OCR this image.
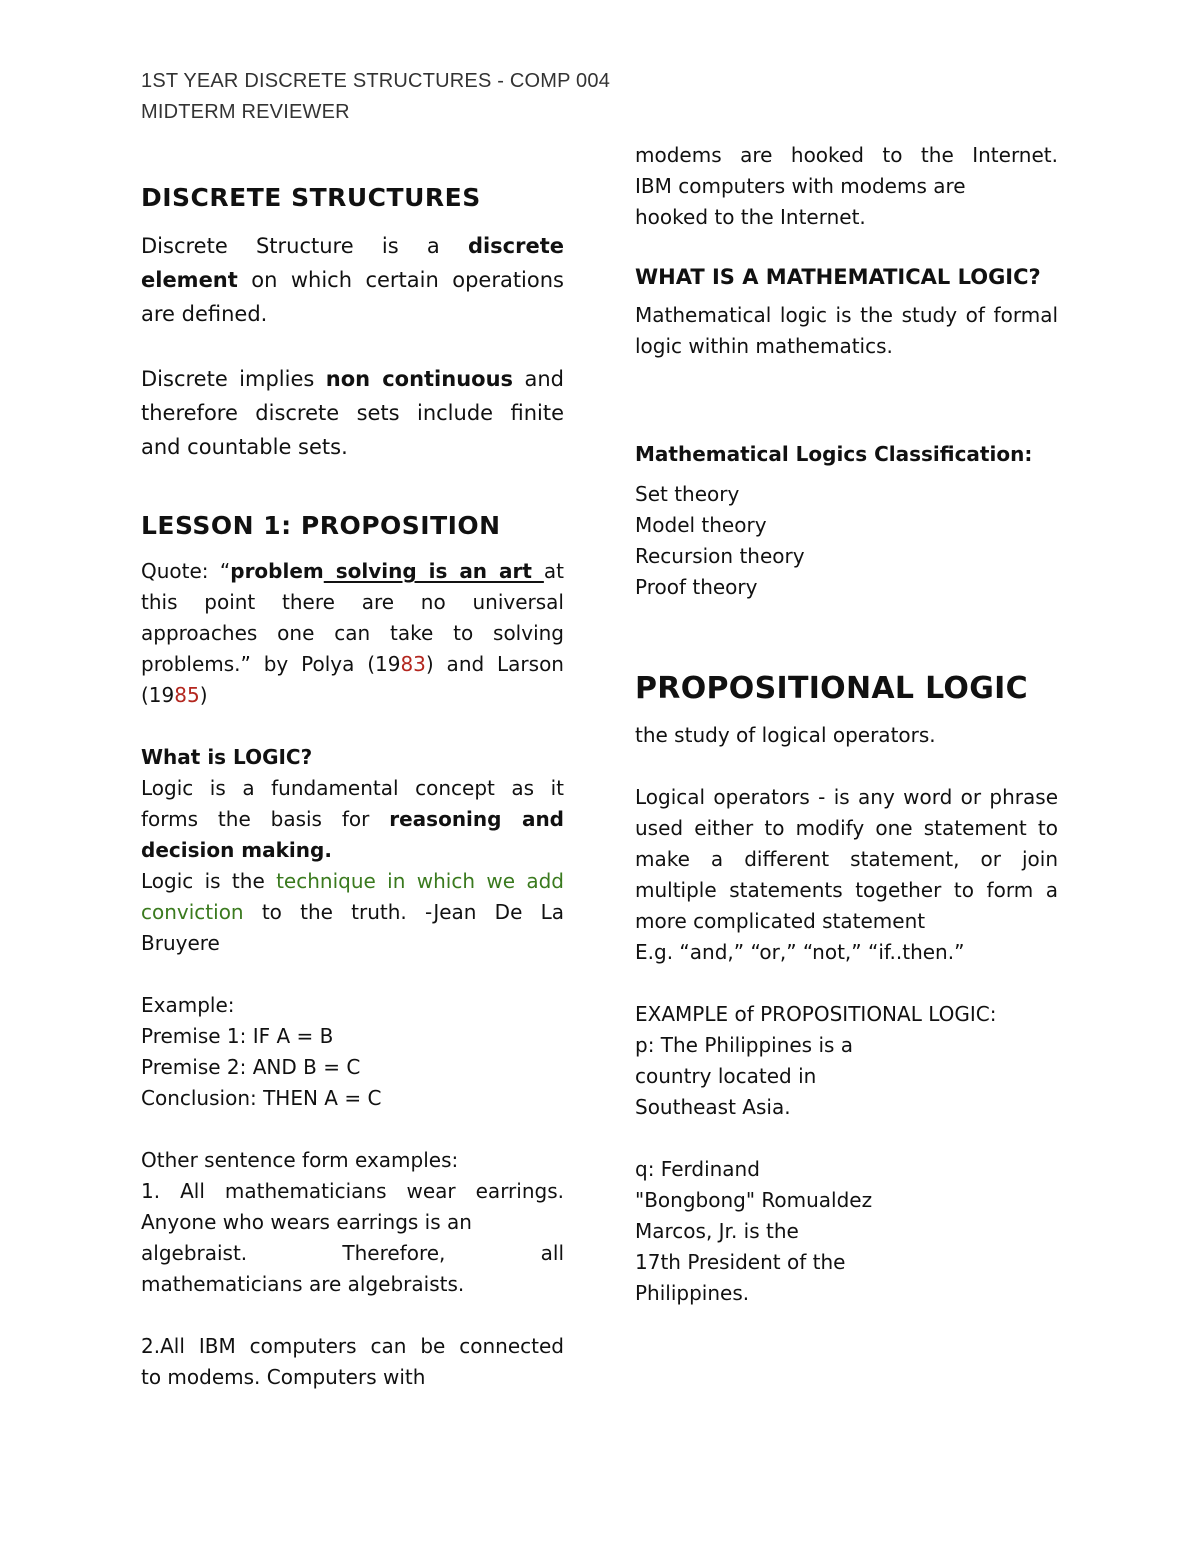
1ST YEAR DISCRETE STRUCTURES - COMP 004
MIDTERM REVIEWER

DISCRETE STRUCTURES

Discrete Structure is a discrete element on which certain operations are defined.

Discrete implies non continuous and therefore discrete sets include finite and countable sets.

LESSON 1: PROPOSITION

Quote: “problem solving is an art at this point there are no universal approaches one can take to solving problems.” by Polya (1983) and Larson (1985)

What is LOGIC?

Logic is a fundamental concept as it forms the basis for reasoning and decision making.

Logic is the technique in which we add conviction to the truth. -Jean De La Bruyere

Example:

Premise 1: IF A = B

Premise 2: AND B = C

Conclusion: THEN A = C

Other sentence form examples:

1. All mathematicians wear earrings.

Anyone who wears earrings is an

algebraist.	Therefore,	all

mathematicians are algebraists.

2.All IBM computers can be connected

to modems. Computers with

modems are hooked to the Internet.

IBM computers with modems are

hooked to the Internet.

WHAT IS A MATHEMATICAL LOGIC?

Mathematical logic is the study of formal logic within mathematics.

Mathematical Logics Classification:

Set theory

Model theory

Recursion theory

Proof theory

PROPOSITIONAL LOGIC

the study of logical operators.

Logical operators - is any word or phrase used either to modify one statement to make a different statement, or join multiple statements together to form a more complicated statement

E.g. “and,” “or,” “not,” “if..then.”

EXAMPLE of PROPOSITIONAL LOGIC:

p: The Philippines is a

country located in

Southeast Asia.

q: Ferdinand

"Bongbong" Romualdez

Marcos, Jr. is the

17th President of the

Philippines.
